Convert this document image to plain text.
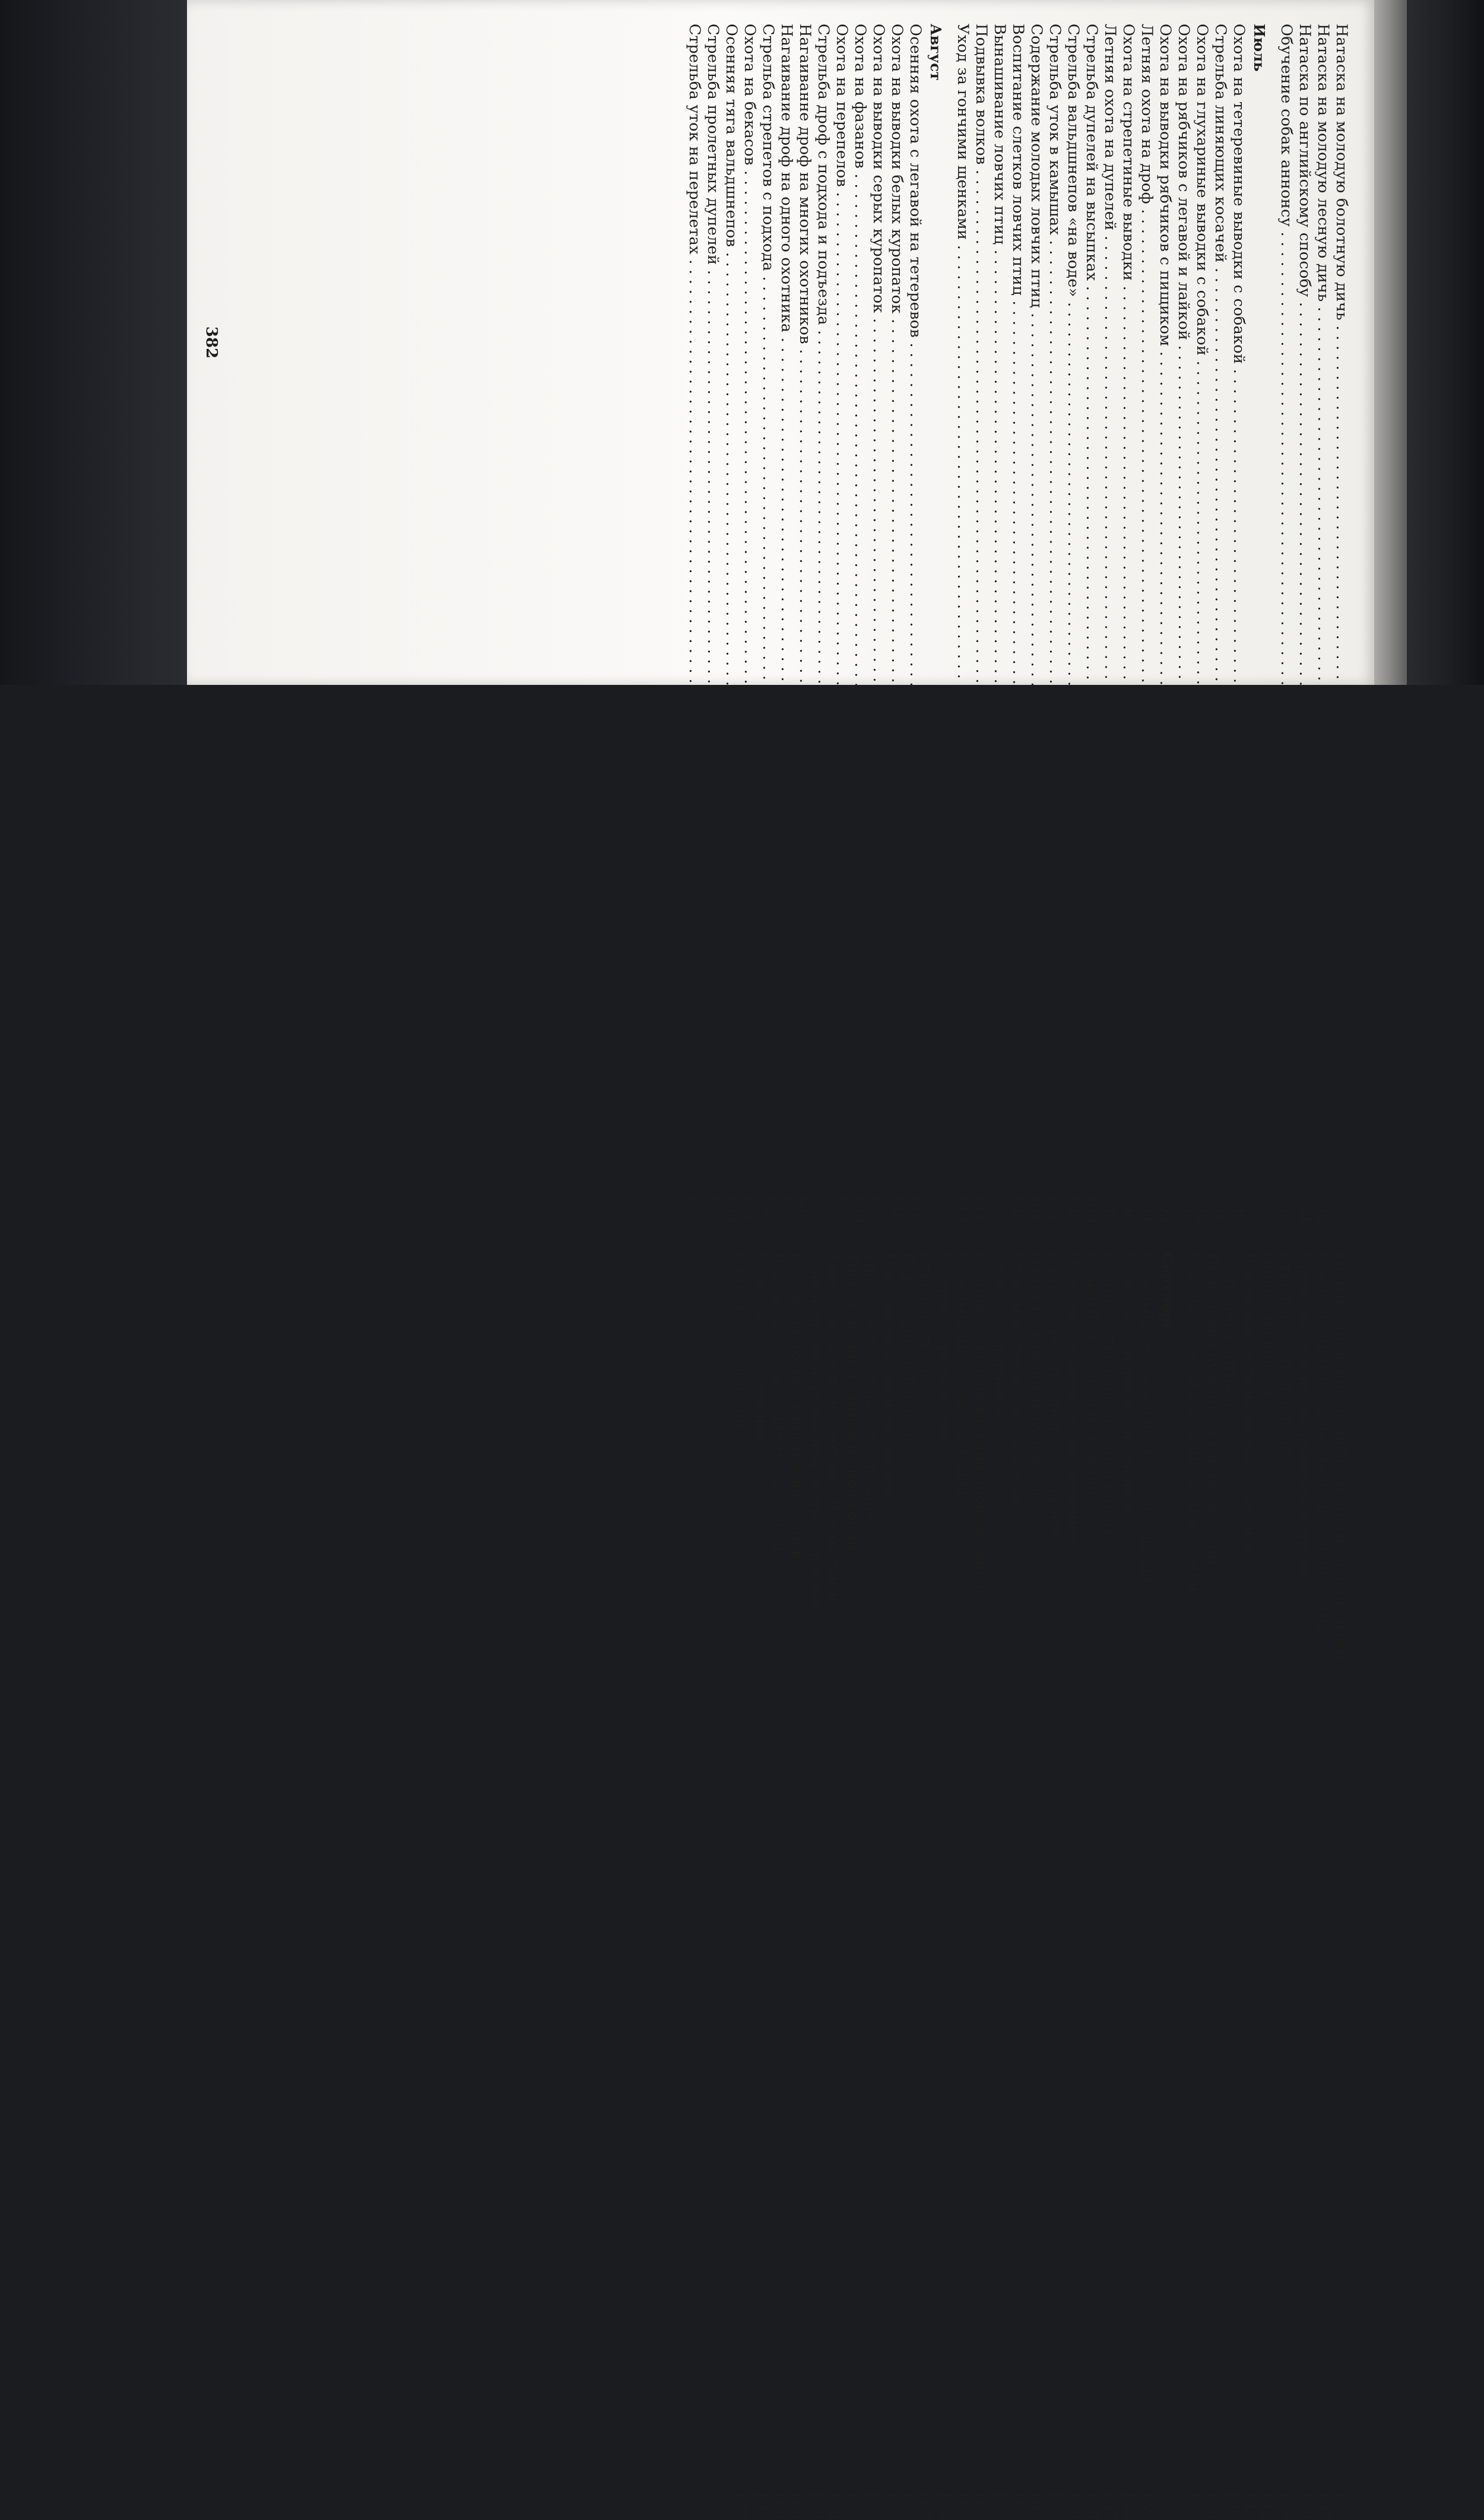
Натаска на молодую болотную дичь . . .
79
Натаска на молодую лесную дичь . . .
82
Натаска по английскому способу . . .
84
Обучение собак аннонсу . . .
88
Июль
Охота на тетеревиные выводки с собакой . . .
89
Стрельба линяющих косачей . . .
91
Охота на глухариные выводки с собакой . . .
92
Охота на рябчиков с легавой и лайкой . . .
93
Охота на выводки рябчиков с пищиком . . .
93
Летняя охота на дроф . . .
94
Охота на стрепетиные выводки . . .
96
Летняя охота на дупелей . . .
98
Стрельба дупелей на высыпках . . .
100
Стрельба вальдшнепов «на воде» . . .
100
Стрельба уток в камышах . . .
101
Содержание молодых ловчих птиц . . .
101
Воспитание слетков ловчих птиц . . .
105
Вынашивание ловчих птиц . . .
107
Подвывка волков . . .
111
Уход за гончими щенками . . .
113
Август
Осенняя охота с легавой на тетеревов . . .
115
Охота на выводки белых куропаток . . .
116
Охота на выводки серых куропаток . . .
117
Охота на фазанов . . .
120
Охота на перепелов . . .
122
Стрельба дроф с подхода и подъезда . . .
124
Нагаиванне дроф на многих охотников . . .
126
Нагаивание дроф на одного охотника . . .
127
Стрельба стрепетов с подхода . . .
130
Охота на бекасов . . .
131
Осенняя тяга вальдшнепов . . .
133
Стрельба пролетных дупелей . . .
133
Стрельба уток на перелетах . . .
133
Приграваливание ястребов и других ловчих птиц . . .
135
Средство против залома перьев у ловчих птиц . . .
137
Средства против взыгрывания ястребов . . .
138
Стрельба медведей на овсах . . .
139
Облава на волков . . .
142
Ружейная охота на волков с гончими . . .
147
Охотничьи сигналы . . .
149
Подготовка ружейных гончих к осени . . .
150
Смычки и своры для подружейных гончих . . .
151
Сентябрь
Стрельба тетеревов на чучела из шалаша . . .
153
Охота на тетеревов с подлайкой . . .
156
Осенняя стрельба глухарей с подъезда . . .
157
Стрельба глухарей на осиннике . . .
158
Охота на глухарей по лиственницам . . .
159
Охота на белых куропаток с огнем . . .
160
Охота на каменных куропаток . . .
161
Стрельба стрепетов с подъезда . . .
161
Охота на гаршнепов . . .
163
Осенняя стрельба вальдшнепов «в капель» . . .
164
Стрельба пролетных вальдшнепов . . .
165
Осенняя стрельба уток . . .
166
Стрельба гусей . . .
168
Езда с одними борзыми . . .
171
Наездка на хлопки по зайцам . . .
171
Травля волков в наездку на заре . . .
172
Травля лисиц и зайцев из-под гончих . . .
173
Травля волков по чернотропу из-под гончих . . .
176
Общие правила ружейной охоты с гончими . . .
179
Ружейная охота с гончими на зайцев . . .
185
Ружейная охота с гончими на лисиц . . .
189
Охота на коз с гончими . . .
195
Охота на коз облавой . . .
198
382
